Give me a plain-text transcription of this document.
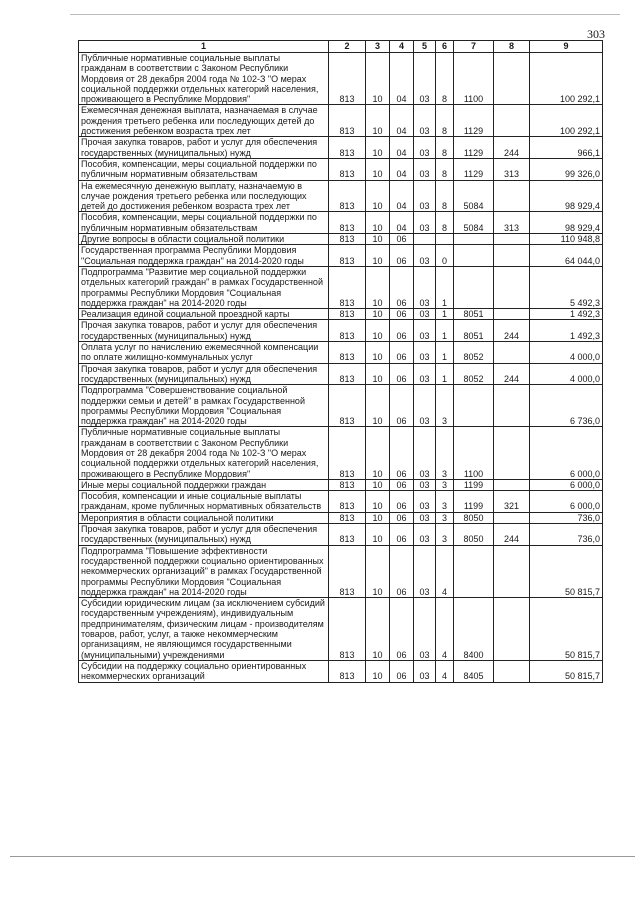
303
1	2	3	4	5	6	7	8	9
Публичные нормативные социальные выплаты гражданам в соответствии с Законом Республики Мордовия от 28 декабря 2004 года № 102-З "О мерах социальной поддержки отдельных категорий населения, проживающего в Республике Мордовия"	813	10	04	03	8	1100		100 292,1
Ежемесячная денежная выплата, назначаемая в случае рождения третьего ребенка или последующих детей до достижения ребенком возраста трех лет	813	10	04	03	8	1129		100 292,1
Прочая закупка товаров, работ и услуг для обеспечения государственных (муниципальных) нужд	813	10	04	03	8	1129	244	966,1
Пособия, компенсации, меры социальной поддержки по публичным нормативным обязательствам	813	10	04	03	8	1129	313	99 326,0
На ежемесячную денежную выплату, назначаемую в случае рождения третьего ребенка или последующих детей до достижения ребенком возраста трех лет	813	10	04	03	8	5084		98 929,4
Пособия, компенсации, меры социальной поддержки по публичным нормативным обязательствам	813	10	04	03	8	5084	313	98 929,4
Другие вопросы в области социальной политики	813	10	06					110 948,8
Государственная программа Республики Мордовия "Социальная поддержка граждан" на 2014-2020 годы	813	10	06	03	0			64 044,0
Подпрограмма "Развитие мер социальной поддержки отдельных категорий граждан" в рамках Государственной программы Республики Мордовия "Социальная поддержка граждан" на 2014-2020 годы	813	10	06	03	1			5 492,3
Реализация единой социальной проездной карты	813	10	06	03	1	8051		1 492,3
Прочая закупка товаров, работ и услуг для обеспечения государственных (муниципальных) нужд	813	10	06	03	1	8051	244	1 492,3
Оплата услуг по начислению ежемесячной компенсации по оплате жилищно-коммунальных услуг	813	10	06	03	1	8052		4 000,0
Прочая закупка товаров, работ и услуг для обеспечения государственных (муниципальных) нужд	813	10	06	03	1	8052	244	4 000,0
Подпрограмма "Совершенствование социальной поддержки семьи и детей" в рамках Государственной программы Республики Мордовия "Социальная поддержка граждан" на 2014-2020 годы	813	10	06	03	3			6 736,0
Публичные нормативные социальные выплаты гражданам в соответствии с Законом Республики Мордовия от 28 декабря 2004 года № 102-З "О мерах социальной поддержки отдельных категорий населения, проживающего в Республике Мордовия"	813	10	06	03	3	1100		6 000,0
Иные меры социальной поддержки граждан	813	10	06	03	3	1199		6 000,0
Пособия, компенсации и иные социальные выплаты гражданам, кроме публичных нормативных обязательств	813	10	06	03	3	1199	321	6 000,0
Мероприятия в области социальной политики	813	10	06	03	3	8050		736,0
Прочая закупка товаров, работ и услуг для обеспечения государственных (муниципальных) нужд	813	10	06	03	3	8050	244	736,0
Подпрограмма "Повышение эффективности государственной поддержки социально ориентированных некоммерческих организаций" в рамках Государственной программы Республики Мордовия "Социальная поддержка граждан" на 2014-2020 годы	813	10	06	03	4			50 815,7
Субсидии юридическим лицам (за исключением субсидий государственным учреждениям), индивидуальным предпринимателям, физическим лицам - производителям товаров, работ, услуг, а также некоммерческим организациям, не являющимся государственными (муниципальными) учреждениями	813	10	06	03	4	8400		50 815,7
Субсидии на поддержку социально ориентированных некоммерческих организаций	813	10	06	03	4	8405		50 815,7
